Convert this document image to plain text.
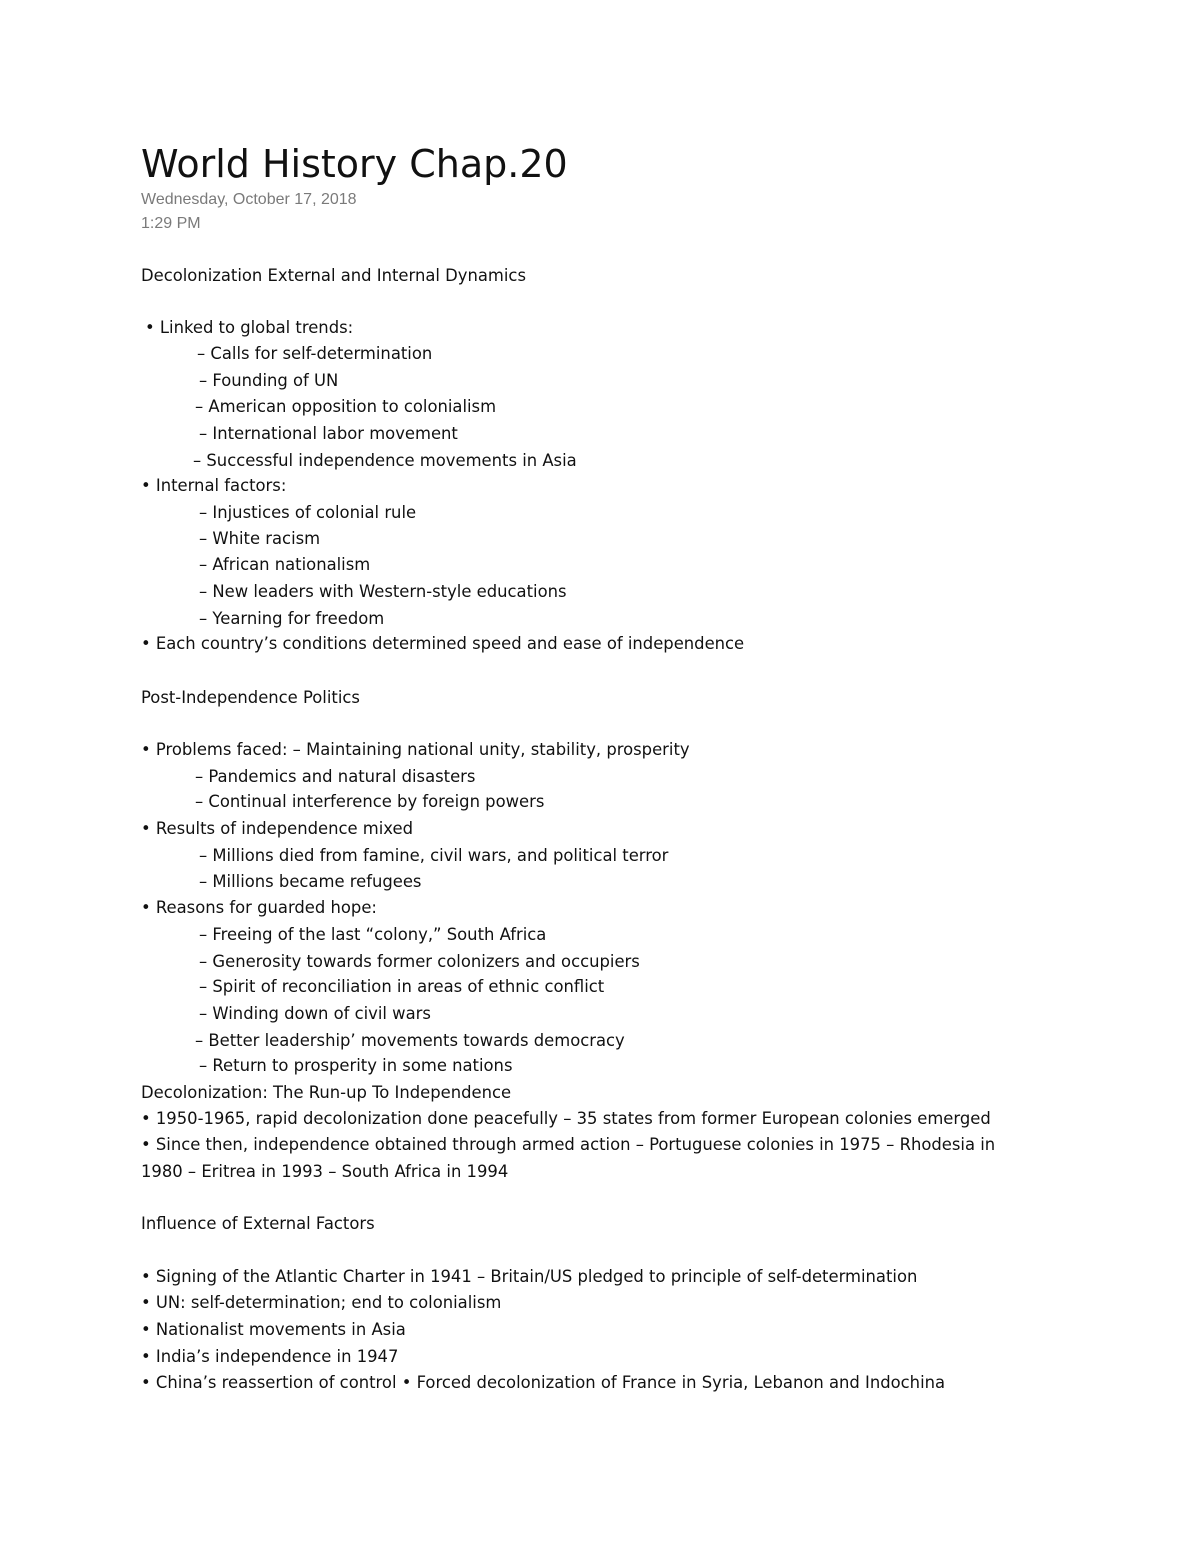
World History Chap.20
Wednesday, October 17, 2018
1:29 PM
Decolonization External and Internal Dynamics
• Linked to global trends:
– Calls for self-determination
– Founding of UN
– American opposition to colonialism
– International labor movement
– Successful independence movements in Asia
• Internal factors:
– Injustices of colonial rule
– White racism
– African nationalism
– New leaders with Western-style educations
– Yearning for freedom
• Each country’s conditions determined speed and ease of independence
Post-Independence Politics
• Problems faced: – Maintaining national unity, stability, prosperity
– Pandemics and natural disasters
– Continual interference by foreign powers
• Results of independence mixed
– Millions died from famine, civil wars, and political terror
– Millions became refugees
• Reasons for guarded hope:
– Freeing of the last “colony,” South Africa
– Generosity towards former colonizers and occupiers
– Spirit of reconciliation in areas of ethnic conflict
– Winding down of civil wars
– Better leadership’ movements towards democracy
– Return to prosperity in some nations
Decolonization: The Run-up To Independence
• 1950-1965, rapid decolonization done peacefully – 35 states from former European colonies emerged
• Since then, independence obtained through armed action – Portuguese colonies in 1975 – Rhodesia in
1980 – Eritrea in 1993 – South Africa in 1994
Influence of External Factors
• Signing of the Atlantic Charter in 1941 – Britain/US pledged to principle of self-determination
• UN: self-determination; end to colonialism
• Nationalist movements in Asia
• India’s independence in 1947
• China’s reassertion of control • Forced decolonization of France in Syria, Lebanon and Indochina
